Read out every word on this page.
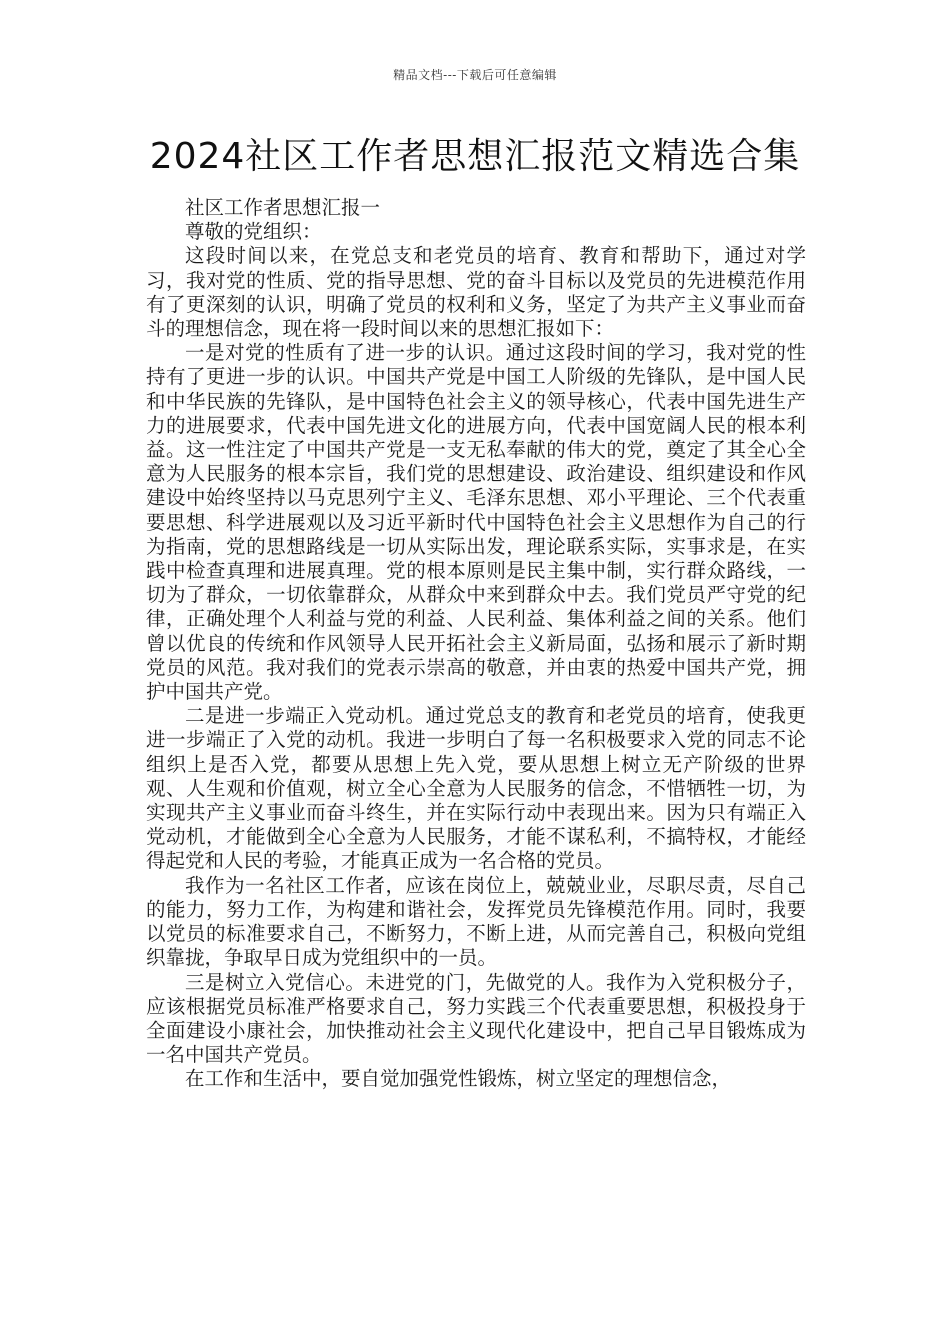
精品文档---下载后可任意编辑
2024社区工作者思想汇报范文精选合集

社区工作者思想汇报一

尊敬的党组织：

这段时间以来，在党总支和老党员的培育、教育和帮助下，通过对学习，我对党的性质、党的指导思想、党的奋斗目标以及党员的先进模范作用有了更深刻的认识，明确了党员的权利和义务，坚定了为共产主义事业而奋斗的理想信念，现在将一段时间以来的思想汇报如下：

一是对党的性质有了进一步的认识。通过这段时间的学习，我对党的性持有了更进一步的认识。中国共产党是中国工人阶级的先锋队，是中国人民和中华民族的先锋队，是中国特色社会主义的领导核心，代表中国先进生产力的进展要求，代表中国先进文化的进展方向，代表中国宽阔人民的根本利益。这一性注定了中国共产党是一支无私奉献的伟大的党，奠定了其全心全意为人民服务的根本宗旨，我们党的思想建设、政治建设、组织建设和作风建设中始终坚持以马克思列宁主义、毛泽东思想、邓小平理论、三个代表重要思想、科学进展观以及习近平新时代中国特色社会主义思想作为自己的行为指南，党的思想路线是一切从实际出发，理论联系实际，实事求是，在实践中检查真理和进展真理。党的根本原则是民主集中制，实行群众路线，一切为了群众，一切依靠群众，从群众中来到群众中去。我们党员严守党的纪律，正确处理个人利益与党的利益、人民利益、集体利益之间的关系。他们曾以优良的传统和作风领导人民开拓社会主义新局面，弘扬和展示了新时期党员的风范。我对我们的党表示崇高的敬意，并由衷的热爱中国共产党，拥护中国共产党。

二是进一步端正入党动机。通过党总支的教育和老党员的培育，使我更进一步端正了入党的动机。我进一步明白了每一名积极要求入党的同志不论组织上是否入党，都要从思想上先入党，要从思想上树立无产阶级的世界观、人生观和价值观，树立全心全意为人民服务的信念，不惜牺牲一切，为实现共产主义事业而奋斗终生，并在实际行动中表现出来。因为只有端正入党动机，才能做到全心全意为人民服务，才能不谋私利，不搞特权，才能经得起党和人民的考验，才能真正成为一名合格的党员。

我作为一名社区工作者，应该在岗位上，兢兢业业，尽职尽责，尽自己的能力，努力工作，为构建和谐社会，发挥党员先锋模范作用。同时，我要以党员的标准要求自己，不断努力，不断上进，从而完善自己，积极向党组织靠拢，争取早日成为党组织中的一员。

三是树立入党信心。未进党的门，先做党的人。我作为入党积极分子，应该根据党员标准严格要求自己，努力实践三个代表重要思想，积极投身于全面建设小康社会，加快推动社会主义现代化建设中，把自己早目锻炼成为一名中国共产党员。

在工作和生活中，要自觉加强党性锻炼，树立坚定的理想信念，
